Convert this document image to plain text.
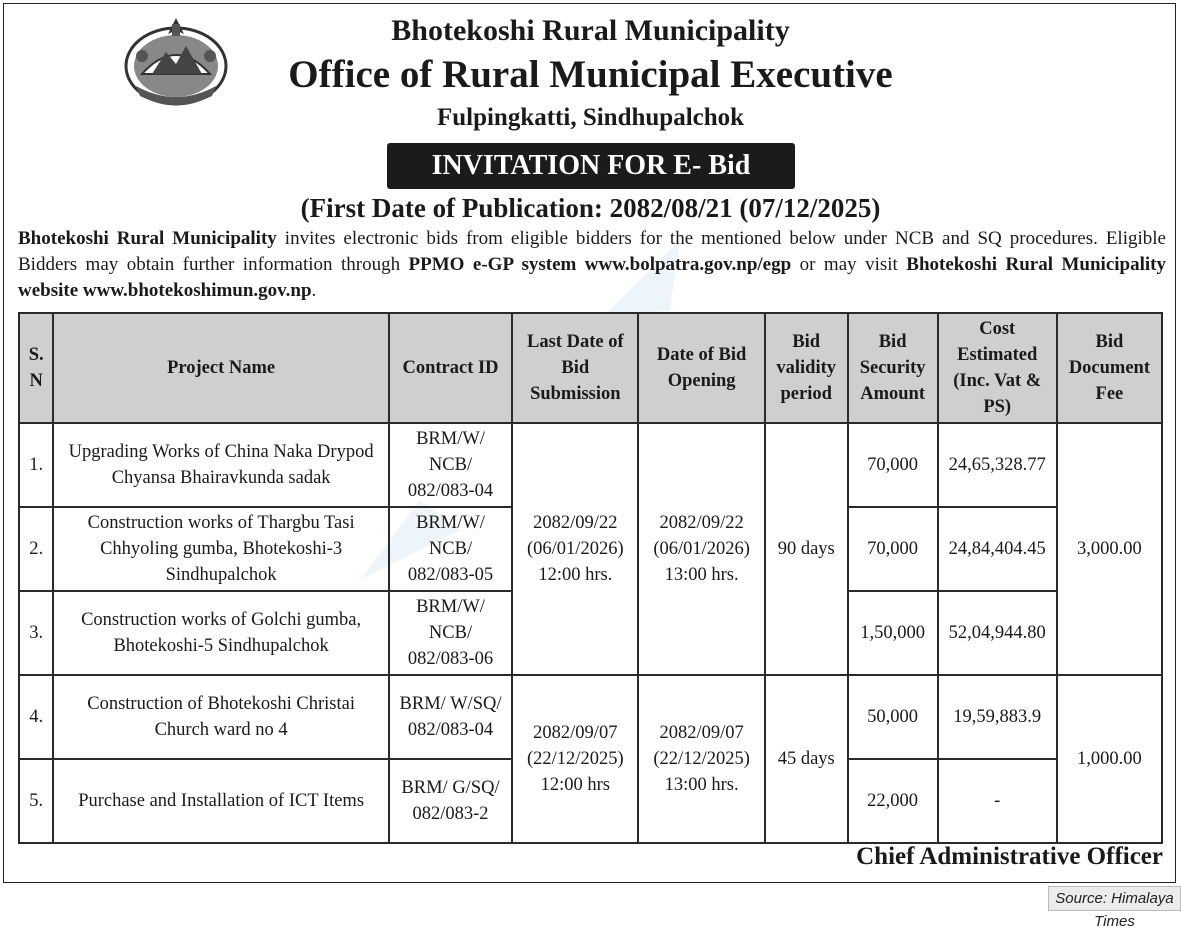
Bhotekoshi Rural Municipality
Office of Rural Municipal Executive
Fulpingkatti, Sindhupalchok
INVITATION FOR E- Bid
(First Date of Publication: 2082/08/21 (07/12/2025)
Bhotekoshi Rural Municipality invites electronic bids from eligible bidders for the mentioned below under NCB and SQ procedures. Eligible Bidders may obtain further information through PPMO e-GP system www.bolpatra.gov.np/egp or may visit Bhotekoshi Rural Municipality website www.bhotekoshimun.gov.np.
S. N	Project Name	Contract ID	Last Date of Bid Submission	Date of Bid Opening	Bid validity period	Bid Security Amount	Cost Estimated (Inc. Vat & PS)	Bid Document Fee
1.	Upgrading Works of China Naka Drypod Chyansa Bhairavkunda sadak	BRM/W/ NCB/ 082/083-04	2082/09/22 (06/01/2026) 12:00 hrs.	2082/09/22 (06/01/2026) 13:00 hrs.	90 days	70,000	24,65,328.77	3,000.00
2.	Construction works of Thargbu Tasi Chhyoling gumba, Bhotekoshi-3 Sindhupalchok	BRM/W/ NCB/ 082/083-05				70,000	24,84,404.45	
3.	Construction works of Golchi gumba, Bhotekoshi-5 Sindhupalchok	BRM/W/ NCB/ 082/083-06				1,50,000	52,04,944.80	
4.	Construction of Bhotekoshi Christai Church ward no 4	BRM/ W/SQ/ 082/083-04	2082/09/07 (22/12/2025) 12:00 hrs	2082/09/07 (22/12/2025) 13:00 hrs.	45 days	50,000	19,59,883.9	1,000.00
5.	Purchase and Installation of ICT Items	BRM/ G/SQ/ 082/083-2				22,000	-	
Chief Administrative Officer
Source: Himalaya Times
